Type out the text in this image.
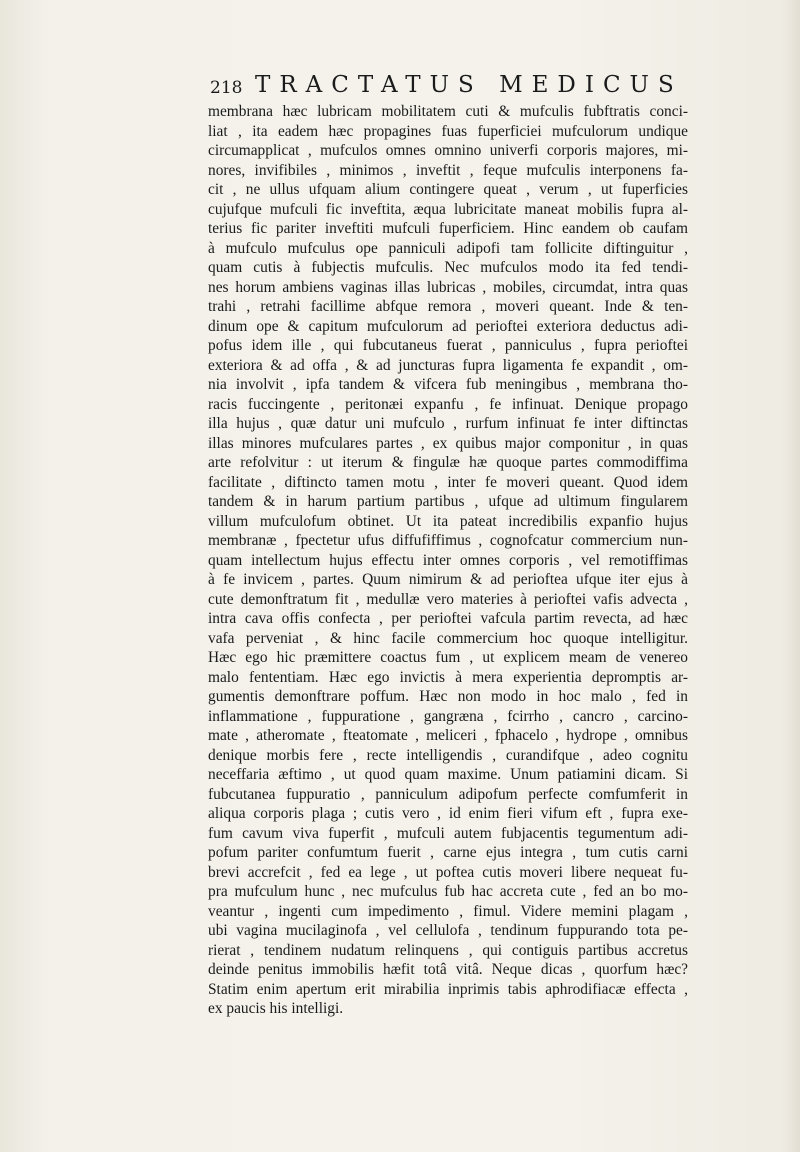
218 TRACTATUS MEDICUS
membrana hæc lubricam mobilitatem cuti & mufculis fubftratis conci-
liat , ita eadem hæc propagines fuas fuperficiei mufculorum undique
circumapplicat , mufculos omnes omnino univerfi corporis majores, mi-
nores, invifibiles , minimos , inveftit , feque mufculis interponens fa-
cit , ne ullus ufquam alium contingere queat , verum , ut fuperficies
cujufque mufculi fic inveftita, æqua lubricitate maneat mobilis fupra al-
terius fic pariter inveftiti mufculi fuperficiem. Hinc eandem ob caufam
à mufculo mufculus ope panniculi adipofi tam follicite diftinguitur ,
quam cutis à fubjectis mufculis. Nec mufculos modo ita fed tendi-
nes horum ambiens vaginas illas lubricas , mobiles, circumdat, intra quas
trahi , retrahi facillime abfque remora , moveri queant. Inde & ten-
dinum ope & capitum mufculorum ad perioftei exteriora deductus adi-
pofus idem ille , qui fubcutaneus fuerat , panniculus , fupra perioftei
exteriora & ad offa , & ad juncturas fupra ligamenta fe expandit , om-
nia involvit , ipfa tandem & vifcera fub meningibus , membrana tho-
racis fuccingente , peritonæi expanfu , fe infinuat. Denique propago
illa hujus , quæ datur uni mufculo , rurfum infinuat fe inter diftinctas
illas minores mufculares partes , ex quibus major componitur , in quas
arte refolvitur : ut iterum & fingulæ hæ quoque partes commodiffima
facilitate , diftincto tamen motu , inter fe moveri queant. Quod idem
tandem & in harum partium partibus , ufque ad ultimum fingularem
villum mufculofum obtinet. Ut ita pateat incredibilis expanfio hujus
membranæ , fpectetur ufus diffufiffimus , cognofcatur commercium nun-
quam intellectum hujus effectu inter omnes corporis , vel remotiffimas
à fe invicem , partes. Quum nimirum & ad perioftea ufque iter ejus à
cute demonftratum fit , medullæ vero materies à perioftei vafis advecta ,
intra cava offis confecta , per perioftei vafcula partim revecta, ad hæc
vafa perveniat , & hinc facile commercium hoc quoque intelligitur.
Hæc ego hic præmittere coactus fum , ut explicem meam de venereo
malo fententiam. Hæc ego invictis à mera experientia depromptis ar-
gumentis demonftrare poffum. Hæc non modo in hoc malo , fed in
inflammatione , fuppuratione , gangræna , fcirrho , cancro , carcino-
mate , atheromate , fteatomate , meliceri , fphacelo , hydrope , omnibus
denique morbis fere , recte intelligendis , curandifque , adeo cognitu
neceffaria æftimo , ut quod quam maxime. Unum patiamini dicam. Si
fubcutanea fuppuratio , panniculum adipofum perfecte comfumferit in
aliqua corporis plaga ; cutis vero , id enim fieri vifum eft , fupra exe-
fum cavum viva fuperfit , mufculi autem fubjacentis tegumentum adi-
pofum pariter confumtum fuerit , carne ejus integra , tum cutis carni
brevi accrefcit , fed ea lege , ut poftea cutis moveri libere nequeat fu-
pra mufculum hunc , nec mufculus fub hac accreta cute , fed an bo mo-
veantur , ingenti cum impedimento , fimul. Videre memini plagam ,
ubi vagina mucilaginofa , vel cellulofa , tendinum fuppurando tota pe-
rierat , tendinem nudatum relinquens , qui contiguis partibus accretus
deinde penitus immobilis hæfit totâ vitâ. Neque dicas , quorfum hæc?
Statim enim apertum erit mirabilia inprimis tabis aphrodifiacæ effecta ,
ex paucis his intelligi.
